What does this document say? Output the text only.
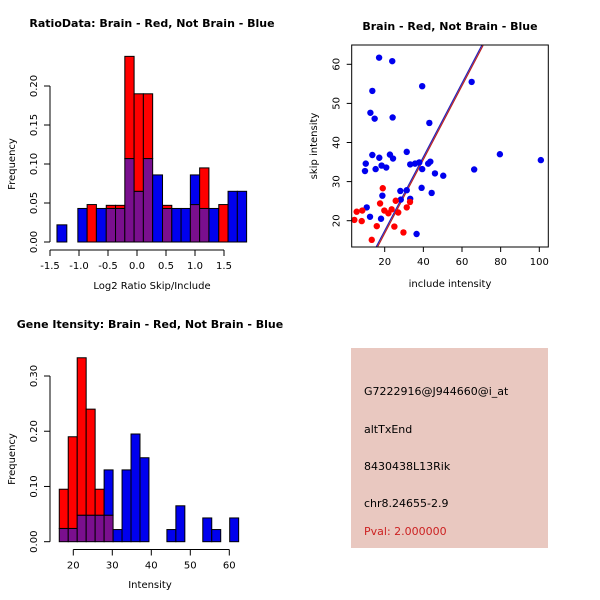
-1.5 -1.0 -0.5 0.0 0.5 1.0 1.5
0.00
0.05
0.10
0.15
0.20
RatioData: Brain - Red, Not Brain - Blue
Log2 Ratio Skip/Include
Frequency
20	40	60	80 100
20
30
40
50
60
Brain - Red, Not Brain - Blue
include intensity
skip intensity
20	30	40	50	60
0.00
0.10
0.20
0.30
Gene Itensity: Brain - Red, Not Brain - Blue
Intensity
Frequency
G7222916@J944660@i_at
altTxEnd
8430438L13Rik
chr8.24655-2.9
Pval: 2.000000
